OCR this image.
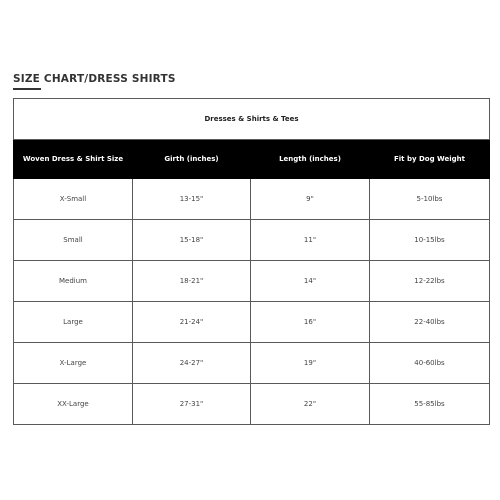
SIZE CHART/DRESS SHIRTS
Dresses & Shirts & Tees			
Woven Dress & Shirt Size	Girth (inches)	Length (inches)	Fit by Dog Weight
X-Small	13-15"	9"	5-10lbs
Small	15-18"	11"	10-15lbs
Medium	18-21"	14"	12-22lbs
Large	21-24"	16"	22-40lbs
X-Large	24-27"	19"	40-60lbs
XX-Large	27-31"	22"	55-85lbs
